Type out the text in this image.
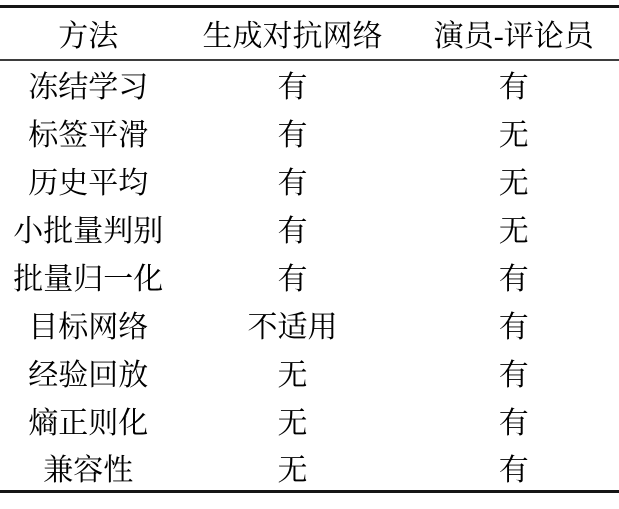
方法	生成对抗网络	演员-评论员
冻结学习	有	有
标签平滑	有	无
历史平均	有	无
小批量判别	有	无
批量归一化	有	有
目标网络	不适用	有
经验回放	无	有
熵正则化	无	有
兼容性	无	有
